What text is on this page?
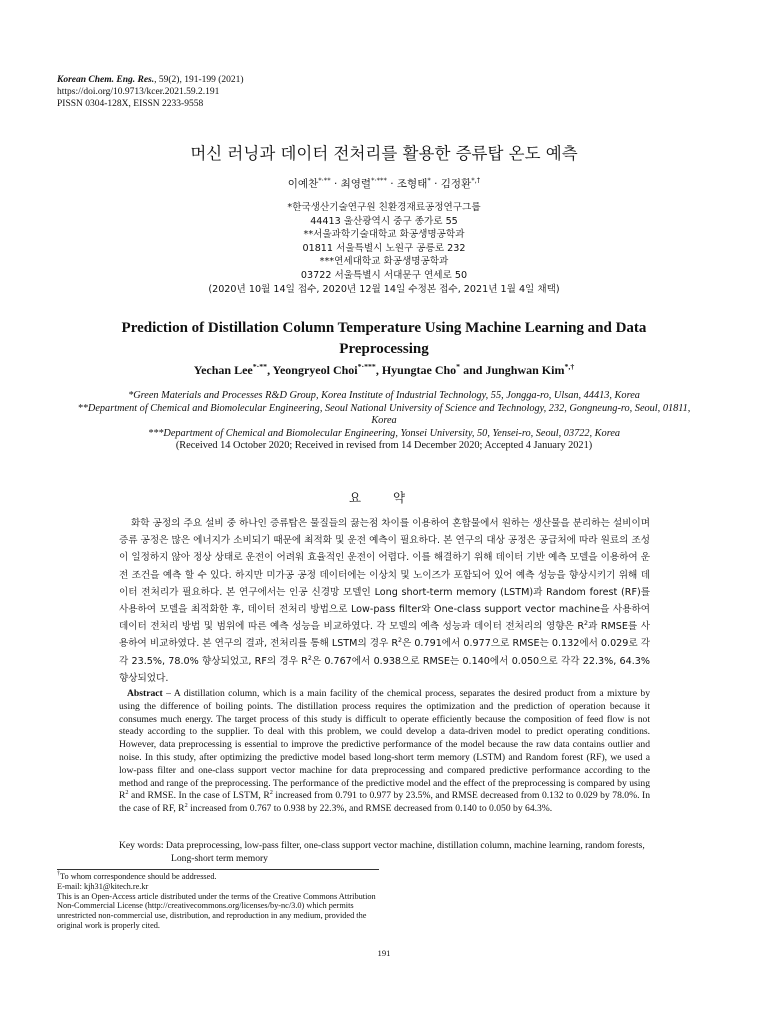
Korean Chem. Eng. Res., 59(2), 191-199 (2021)
https://doi.org/10.9713/kcer.2021.59.2.191
PISSN 0304-128X, EISSN 2233-9558
머신 러닝과 데이터 전처리를 활용한 증류탑 온도 예측
이예찬*·** · 최영렬*·*** · 조형태* · 김정환*,†
*한국생산기술연구원 친환경재료공정연구그룹
44413 울산광역시 중구 종가로 55
**서울과학기술대학교 화공생명공학과
01811 서울특별시 노원구 공릉로 232
***연세대학교 화공생명공학과
03722 서울특별시 서대문구 연세로 50
(2020년 10월 14일 접수, 2020년 12월 14일 수정본 접수, 2021년 1월 4일 채택)
Prediction of Distillation Column Temperature Using Machine Learning and Data Preprocessing
Yechan Lee*·**, Yeongryeol Choi*·***, Hyungtae Cho* and Junghwan Kim*,†
*Green Materials and Processes R&D Group, Korea Institute of Industrial Technology, 55, Jongga-ro, Ulsan, 44413, Korea
**Department of Chemical and Biomolecular Engineering, Seoul National University of Science and Technology, 232, Gongneung-ro, Seoul, 01811, Korea
***Department of Chemical and Biomolecular Engineering, Yonsei University, 50, Yensei-ro, Seoul, 03722, Korea
(Received 14 October 2020; Received in revised from 14 December 2020; Accepted 4 January 2021)
요 약
화학 공정의 주요 설비 중 하나인 증류탑은 물질들의 끓는점 차이를 이용하여 혼합물에서 원하는 생산물을 분리하는 설비이며 증류 공정은 많은 에너지가 소비되기 때문에 최적화 및 운전 예측이 필요하다. 본 연구의 대상 공정은 공급처에 따라 원료의 조성이 일정하지 않아 정상 상태로 운전이 어려워 효율적인 운전이 어렵다. 이를 해결하기 위해 데이터 기반 예측 모델을 이용하여 운전 조건을 예측 할 수 있다. 하지만 미가공 공정 데이터에는 이상치 및 노이즈가 포함되어 있어 예측 성능을 향상시키기 위해 데이터 전처리가 필요하다. 본 연구에서는 인공 신경망 모델인 Long short-term memory (LSTM)과 Random forest (RF)를 사용하여 모델을 최적화한 후, 데이터 전처리 방법으로 Low-pass filter와 One-class support vector machine을 사용하여 데이터 전처리 방법 및 범위에 따른 예측 성능을 비교하였다. 각 모델의 예측 성능과 데이터 전처리의 영향은 $R^2$과 RMSE를 사용하여 비교하였다. 본 연구의 결과, 전처리를 통해 LSTM의 경우 $R^2$은 0.791에서 0.977으로 RMSE는 0.132에서 0.029로 각각 23.5%, 78.0% 향상되었고, RF의 경우 $R^2$은 0.767에서 0.938으로 RMSE는 0.140에서 0.050으로 각각 22.3%, 64.3% 향상되었다.
Abstract – A distillation column, which is a main facility of the chemical process, separates the desired product from a mixture by using the difference of boiling points. The distillation process requires the optimization and the prediction of operation because it consumes much energy. The target process of this study is difficult to operate efficiently because the composition of feed flow is not steady according to the supplier. To deal with this problem, we could develop a data-driven model to predict operating conditions. However, data preprocessing is essential to improve the predictive performance of the model because the raw data contains outlier and noise. In this study, after optimizing the predictive model based long-short term memory (LSTM) and Random forest (RF), we used a low-pass filter and one-class support vector machine for data preprocessing and compared predictive performance according to the method and range of the preprocessing. The performance of the predictive model and the effect of the preprocessing is compared by using $R^2$ and RMSE. In the case of LSTM, $R^2$ increased from 0.791 to 0.977 by 23.5%, and RMSE decreased from 0.132 to 0.029 by 78.0%. In the case of RF, $R^2$ increased from 0.767 to 0.938 by 22.3%, and RMSE decreased from 0.140 to 0.050 by 64.3%.
Key words: Data preprocessing, low-pass filter, one-class support vector machine, distillation column, machine learning, random forests, Long-short term memory
†To whom correspondence should be addressed.
E-mail: kjh31@kitech.re.kr
This is an Open-Access article distributed under the terms of the Creative Commons Attribution Non-Commercial License (http://creativecommons.org/licenses/by-nc/3.0) which permits unrestricted non-commercial use, distribution, and reproduction in any medium, provided the original work is properly cited.
191
